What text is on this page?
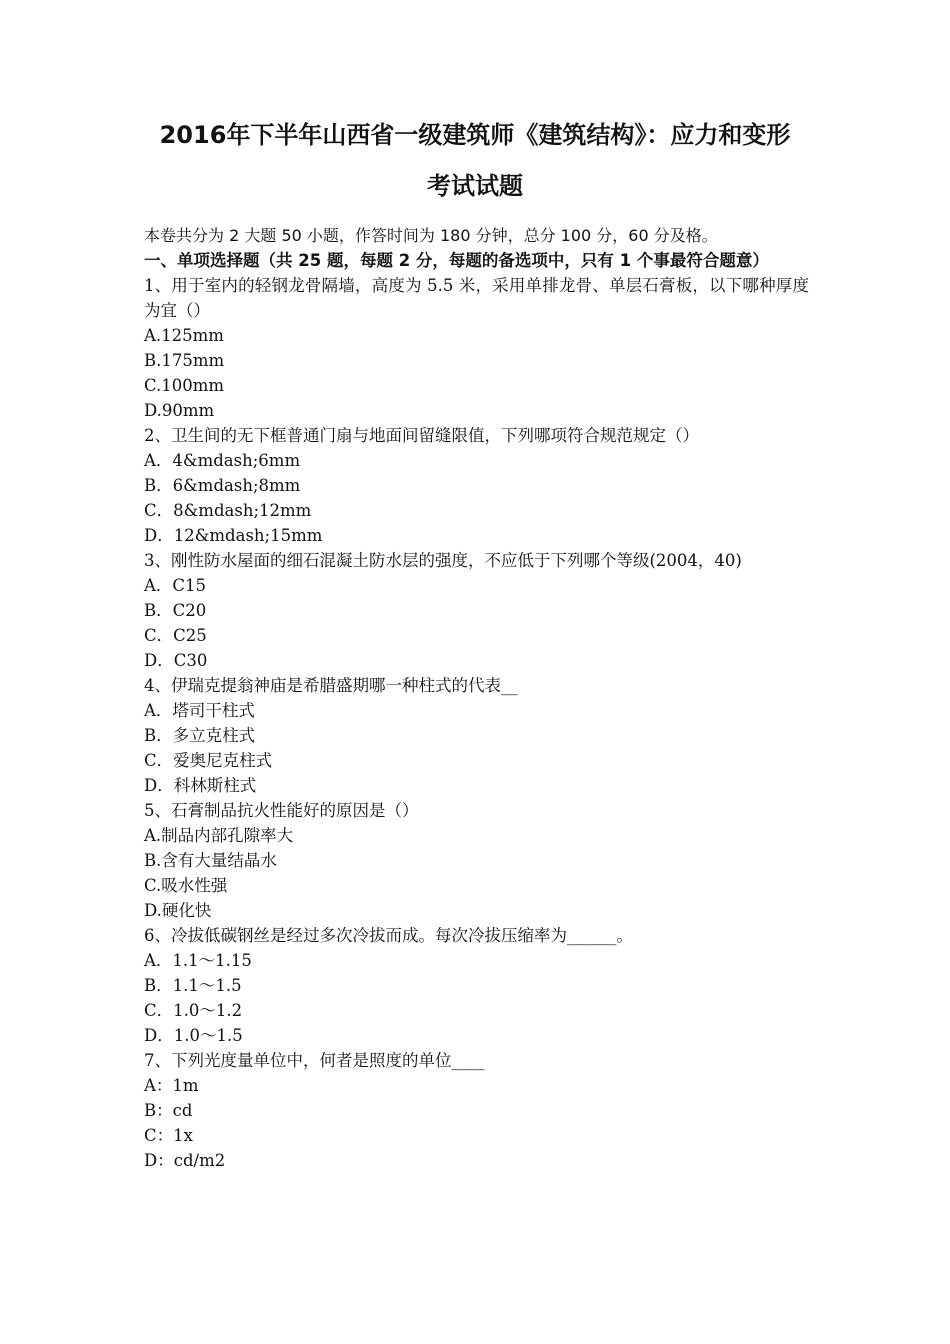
2016年下半年山西省一级建筑师《建筑结构》：应力和变形
考试试题

本卷共分为 2 大题 50 小题，作答时间为 180 分钟，总分 100 分，60 分及格。

一、单项选择题（共 25 题，每题 2 分，每题的备选项中，只有 1 个事最符合题意）

1、用于室内的轻钢龙骨隔墙，高度为 5.5 米，采用单排龙骨、单层石膏板，以下哪种厚度为宜（）

A.125mm
B.175mm
C.100mm
D.90mm

2、卫生间的无下框普通门扇与地面间留缝限值，下列哪项符合规范规定（）

A．4&mdash;6mm
B．6&mdash;8mm
C．8&mdash;12mm
D．12&mdash;15mm

3、刚性防水屋面的细石混凝土防水层的强度，不应低于下列哪个等级(2004，40)

A．C15
B．C20
C．C25
D．C30

4、伊瑞克提翁神庙是希腊盛期哪一种柱式的代表__

A．塔司干柱式
B．多立克柱式
C．爱奥尼克柱式
D．科林斯柱式

5、石膏制品抗火性能好的原因是（）

A.制品内部孔隙率大
B.含有大量结晶水
C.吸水性强
D.硬化快

6、冷拔低碳钢丝是经过多次冷拔而成。每次冷拔压缩率为______。

A．1.1～1.15
B．1.1～1.5
C．1.0～1.2
D．1.0～1.5

7、下列光度量单位中，何者是照度的单位____

A：1m
B：cd
C：1x
D：cd/m2
